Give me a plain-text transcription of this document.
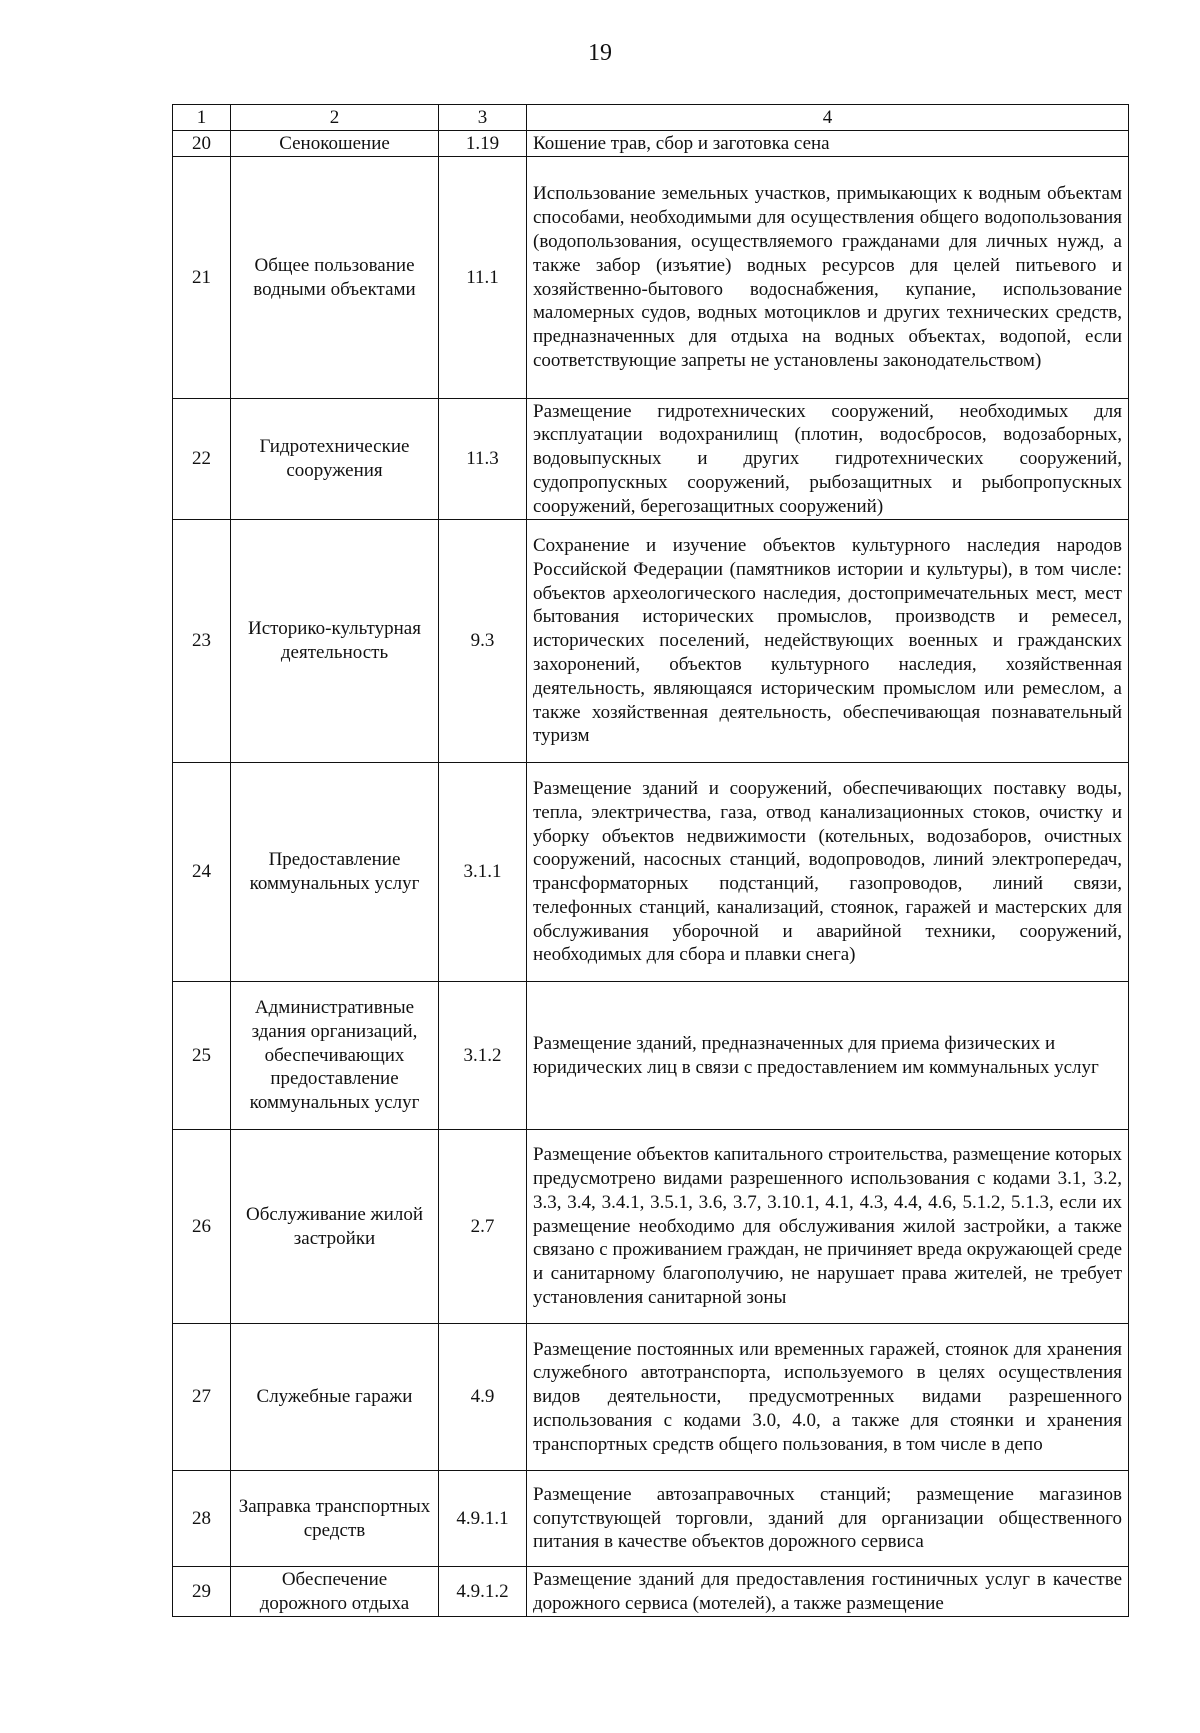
19
1	2	3	4
20	Сенокошение	1.19	Кошение трав, сбор и заготовка сена
21	Общее пользование водными объектами	11.1	Использование земельных участков, примыкающих к водным объектам способами, необходимыми для осуществления общего водопользования (водопользования, осуществляемого гражданами для личных нужд, а также забор (изъятие) водных ресурсов для целей питьевого и хозяйственно-бытового водоснабжения, купание, использование маломерных судов, водных мотоциклов и других технических средств, предназначенных для отдыха на водных объектах, водопой, если соответствующие запреты не установлены законодательством)
22	Гидротехнические сооружения	11.3	Размещение гидротехнических сооружений, необходимых для эксплуатации водохранилищ (плотин, водосбросов, водозаборных, водовыпускных и других гидротехнических сооружений, судопропускных сооружений, рыбозащитных и рыбопропускных сооружений, берегозащитных сооружений)
23	Историко-культурная деятельность	9.3	Сохранение и изучение объектов культурного наследия народов Российской Федерации (памятников истории и культуры), в том числе: объектов археологического наследия, достопримечательных мест, мест бытования исторических промыслов, производств и ремесел, исторических поселений, недействующих военных и гражданских захоронений, объектов культурного наследия, хозяйственная деятельность, являющаяся историческим промыслом или ремеслом, а также хозяйственная деятельность, обеспечивающая познавательный туризм
24	Предоставление коммунальных услуг	3.1.1	Размещение зданий и сооружений, обеспечивающих поставку воды, тепла, электричества, газа, отвод канализационных стоков, очистку и уборку объектов недвижимости (котельных, водозаборов, очистных сооружений, насосных станций, водопроводов, линий электропередач, трансформаторных подстанций, газопроводов, линий связи, телефонных станций, канализаций, стоянок, гаражей и мастерских для обслуживания уборочной и аварийной техники, сооружений, необходимых для сбора и плавки снега)
25	Административные здания организаций, обеспечивающих предоставление коммунальных услуг	3.1.2	Размещение зданий, предназначенных для приема физических и юридических лиц в связи с предоставлением им коммунальных услуг
26	Обслуживание жилой застройки	2.7	Размещение объектов капитального строительства, размещение которых предусмотрено видами разрешенного использования с кодами 3.1, 3.2, 3.3, 3.4, 3.4.1, 3.5.1, 3.6, 3.7, 3.10.1, 4.1, 4.3, 4.4, 4.6, 5.1.2, 5.1.3, если их размещение необходимо для обслуживания жилой застройки, а также связано с проживанием граждан, не причиняет вреда окружающей среде и санитарному благополучию, не нарушает права жителей, не требует установления санитарной зоны
27	Служебные гаражи	4.9	Размещение постоянных или временных гаражей, стоянок для хранения служебного автотранспорта, используемого в целях осуществления видов деятельности, предусмотренных видами разрешенного использования с кодами 3.0, 4.0, а также для стоянки и хранения транспортных средств общего пользования, в том числе в депо
28	Заправка транспортных средств	4.9.1.1	Размещение автозаправочных станций; размещение магазинов сопутствующей торговли, зданий для организации общественного питания в качестве объектов дорожного сервиса
29	Обеспечение дорожного отдыха	4.9.1.2	Размещение зданий для предоставления гостиничных услуг в качестве дорожного сервиса (мотелей), а также размещение
